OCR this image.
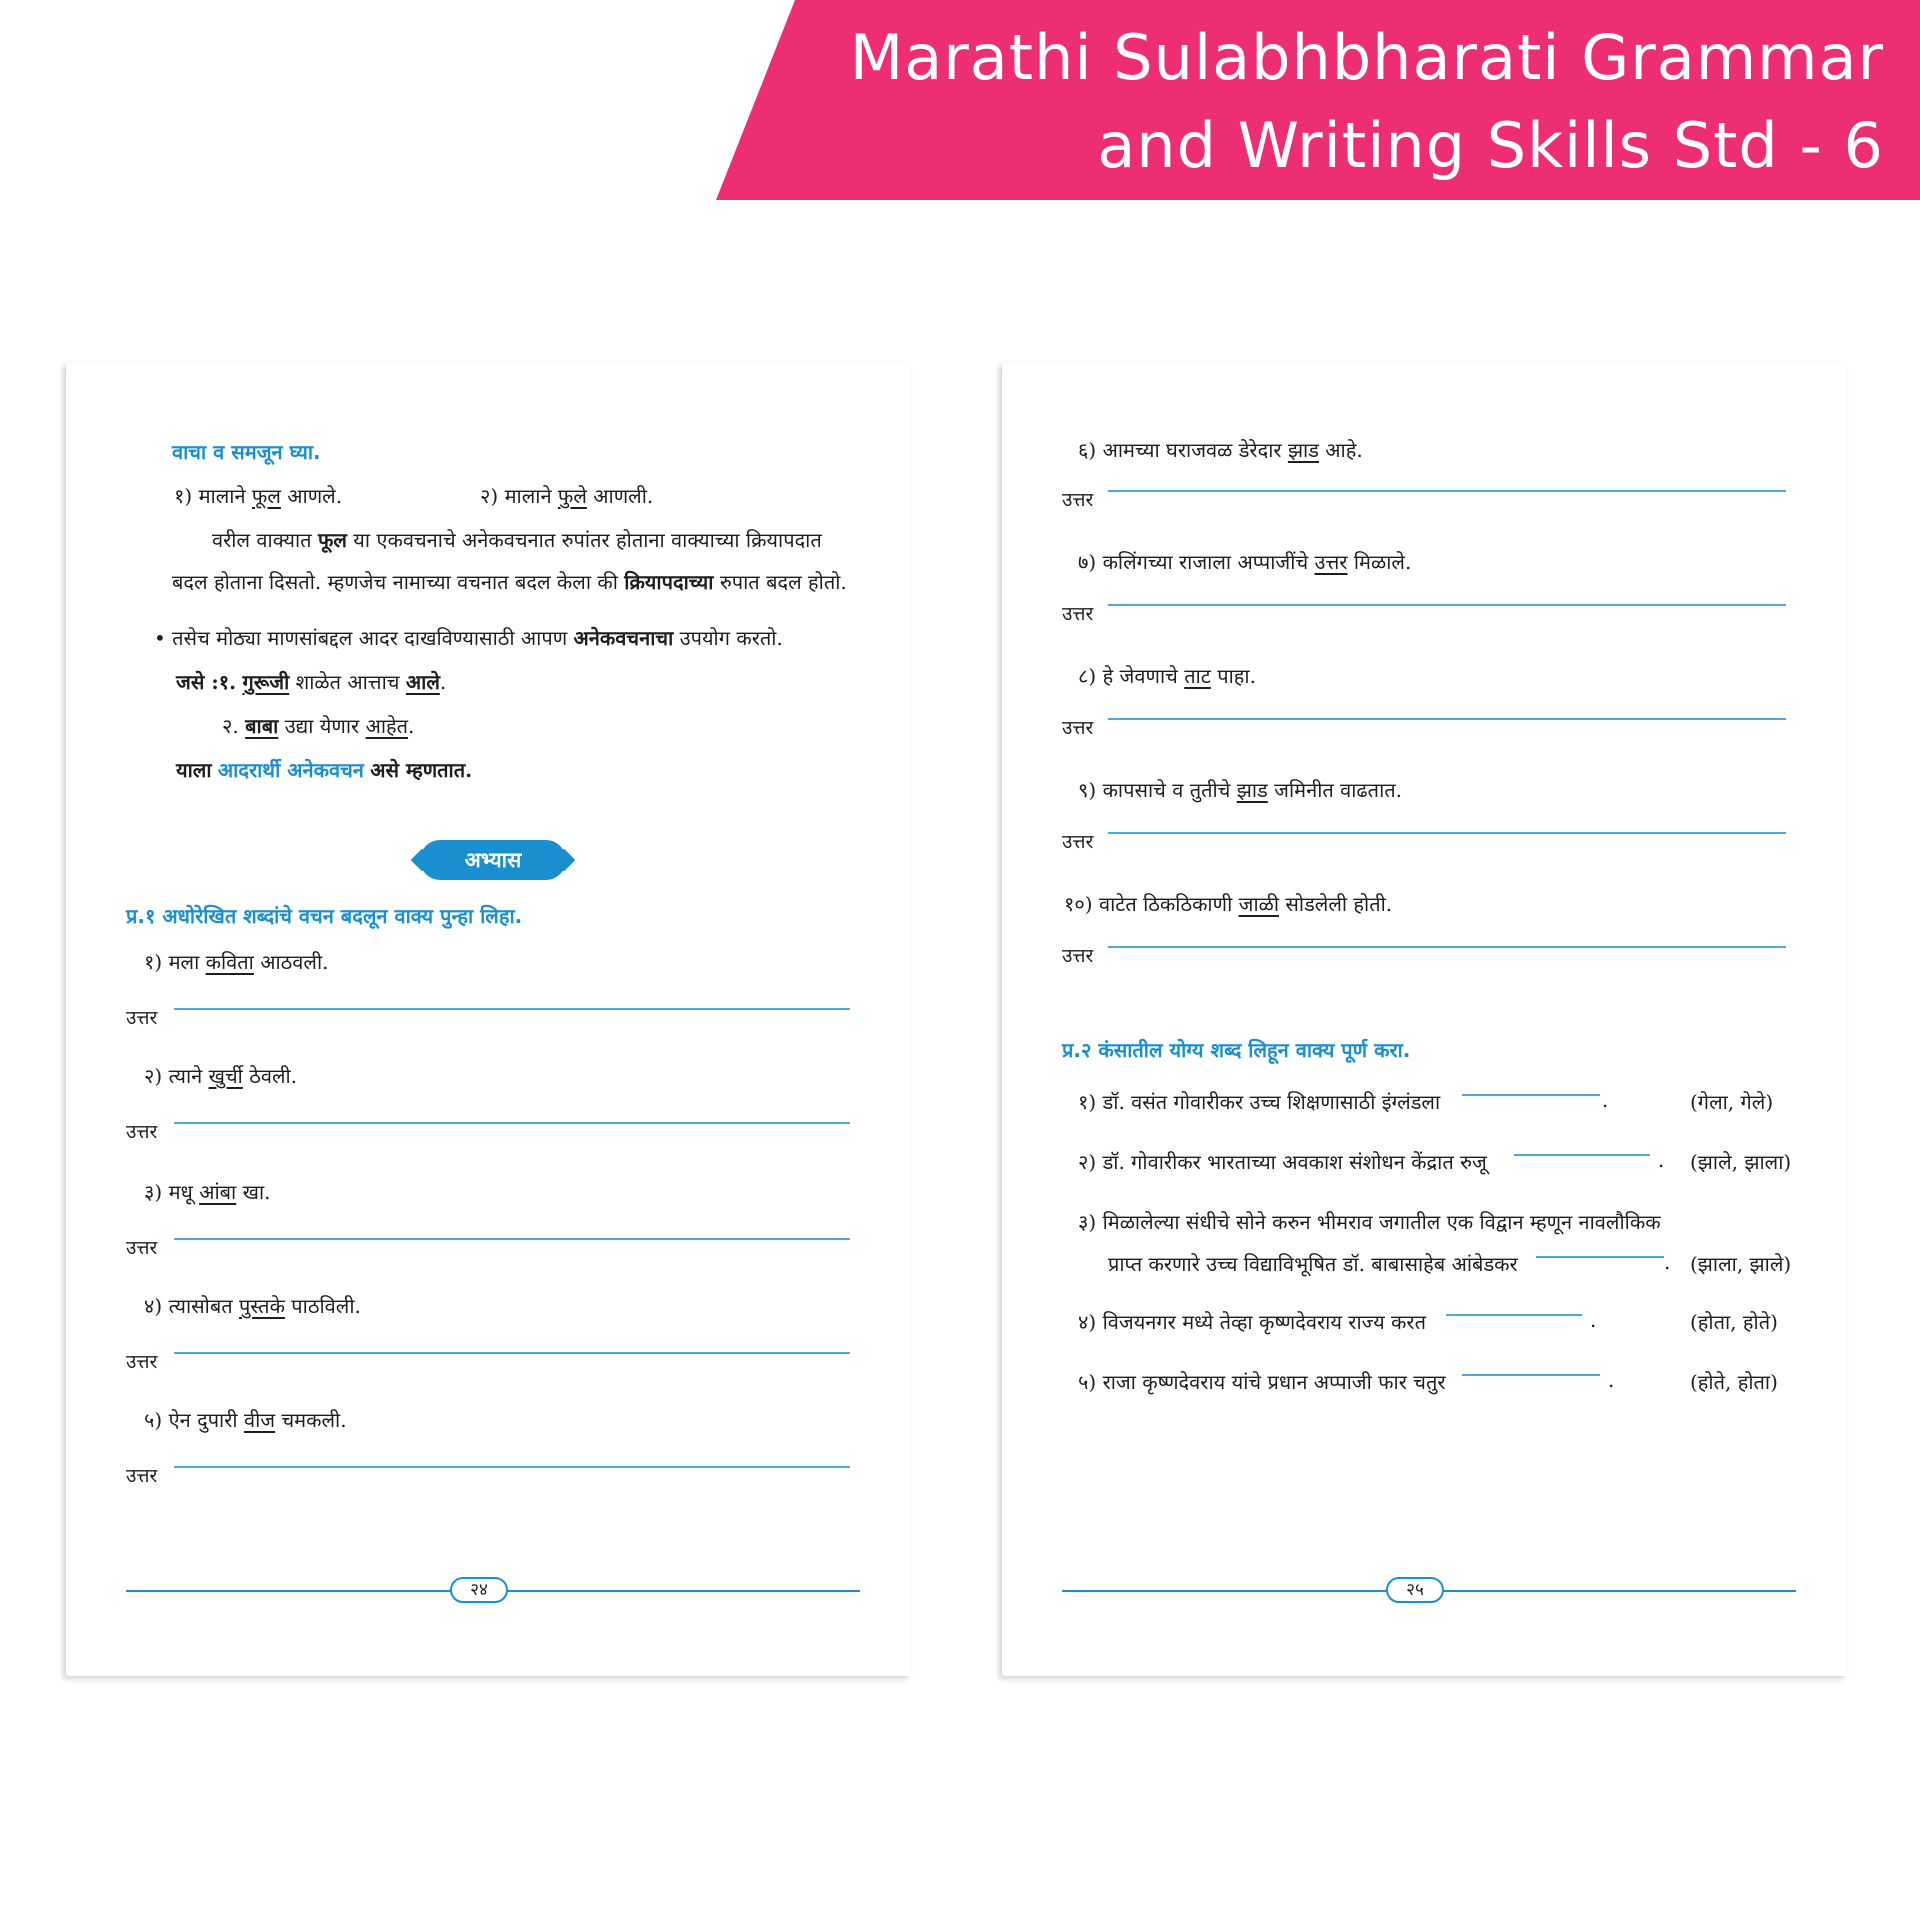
Marathi Sulabhbharati Grammar
and Writing Skills Std - 6
वाचा व समजून घ्या.
१) मालाने फूल आणले.	२) मालाने फुले आणली.
वरील वाक्यात फूल या एकवचनाचे अनेकवचनात रुपांतर होताना वाक्याच्या क्रियापदात
बदल होताना दिसतो. म्हणजेच नामाच्या वचनात बदल केला की क्रियापदाच्या रुपात बदल होतो.
• तसेच मोठ्या माणसांबद्दल आदर दाखविण्यासाठी आपण अनेकवचनाचा उपयोग करतो.
जसे :१. गुरूजी शाळेत आत्ताच आले.
२. बाबा उद्या येणार आहेत.
याला आदरार्थी अनेकवचन असे म्हणतात.
अभ्यास
प्र.१ अधोरेखित शब्दांचे वचन बदलून वाक्य पुन्हा लिहा.
१) मला कविता आठवली.
उत्तर
२) त्याने खुर्ची ठेवली.
उत्तर
३) मधू आंबा खा.
उत्तर
४) त्यासोबत पुस्तके पाठविली.
उत्तर
५) ऐन दुपारी वीज चमकली.
उत्तर
२४
६) आमच्या घराजवळ डेरेदार झाड आहे.
उत्तर
७) कलिंगच्या राजाला अप्पाजींचे उत्तर मिळाले.
उत्तर
८) हे जेवणाचे ताट पाहा.
उत्तर
९) कापसाचे व तुतीचे झाड जमिनीत वाढतात.
उत्तर
१०) वाटेत ठिकठिकाणी जाळी सोडलेली होती.
उत्तर
प्र.२ कंसातील योग्य शब्द लिहून वाक्य पूर्ण करा.
१) डॉ. वसंत गोवारीकर उच्च शिक्षणासाठी इंग्लंडला	.	(गेला, गेले)
२) डॉ. गोवारीकर भारताच्या अवकाश संशोधन केंद्रात रुजू	. (झाले, झाला)
३) मिळालेल्या संधीचे सोने करुन भीमराव जगातील एक विद्वान म्हणून नावलौकिक
प्राप्त करणारे उच्च विद्याविभूषित डॉ. बाबासाहेब आंबेडकर	. (झाला, झाले)
४) विजयनगर मध्ये तेव्हा कृष्णदेवराय राज्य करत	.	(होता, होते)
५) राजा कृष्णदेवराय यांचे प्रधान अप्पाजी फार चतुर	.	(होते, होता)
२५
